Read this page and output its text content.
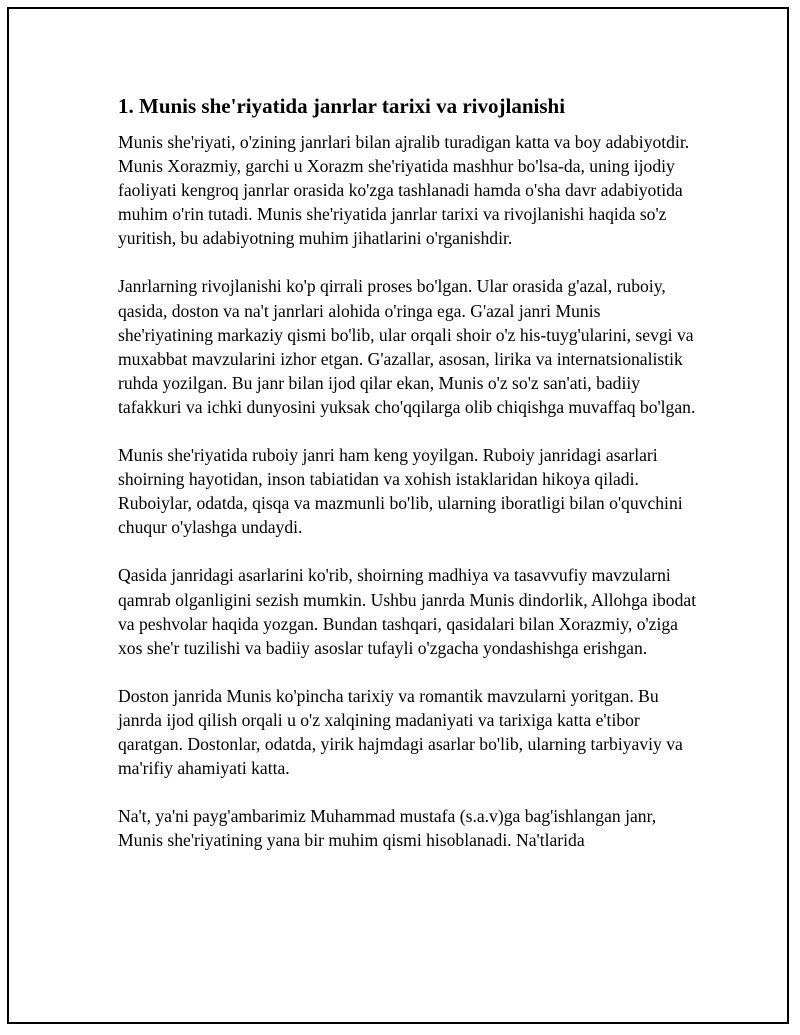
1. Munis she'riyatida janrlar tarixi va rivojlanishi

Munis she'riyati, o'zining janrlari bilan ajralib turadigan katta va boy adabiyotdir. Munis Xorazmiy, garchi u Xorazm she'riyatida mashhur bo'lsa-da, uning ijodiy faoliyati kengroq janrlar orasida ko'zga tashlanadi hamda o'sha davr adabiyotida muhim o'rin tutadi. Munis she'riyatida janrlar tarixi va rivojlanishi haqida so'z yuritish, bu adabiyotning muhim jihatlarini o'rganishdir.

Janrlarning rivojlanishi ko'p qirrali proses bo'lgan. Ular orasida g'azal, ruboiy, qasida, doston va na't janrlari alohida o'ringa ega. G'azal janri Munis she'riyatining markaziy qismi bo'lib, ular orqali shoir o'z his-tuyg'ularini, sevgi va muxabbat mavzularini izhor etgan. G'azallar, asosan, lirika va internatsionalistik ruhda yozilgan. Bu janr bilan ijod qilar ekan, Munis o'z so'z san'ati, badiiy tafakkuri va ichki dunyosini yuksak cho'qqilarga olib chiqishga muvaffaq bo'lgan.

Munis she'riyatida ruboiy janri ham keng yoyilgan. Ruboiy janridagi asarlari shoirning hayotidan, inson tabiatidan va xohish istaklaridan hikoya qiladi. Ruboiylar, odatda, qisqa va mazmunli bo'lib, ularning iboratligi bilan o'quvchini chuqur o'ylashga undaydi.

Qasida janridagi asarlarini ko'rib, shoirning madhiya va tasavvufiy mavzularni qamrab olganligini sezish mumkin. Ushbu janrda Munis dindorlik, Allohga ibodat va peshvolar haqida yozgan. Bundan tashqari, qasidalari bilan Xorazmiy, o'ziga xos she'r tuzilishi va badiiy asoslar tufayli o'zgacha yondashishga erishgan.

Doston janrida Munis ko'pincha tarixiy va romantik mavzularni yoritgan. Bu janrda ijod qilish orqali u o'z xalqining madaniyati va tarixiga katta e'tibor qaratgan. Dostonlar, odatda, yirik hajmdagi asarlar bo'lib, ularning tarbiyaviy va ma'rifiy ahamiyati katta.

Na't, ya'ni payg'ambarimiz Muhammad mustafa (s.a.v)ga bag'ishlangan janr, Munis she'riyatining yana bir muhim qismi hisoblanadi. Na'tlarida
